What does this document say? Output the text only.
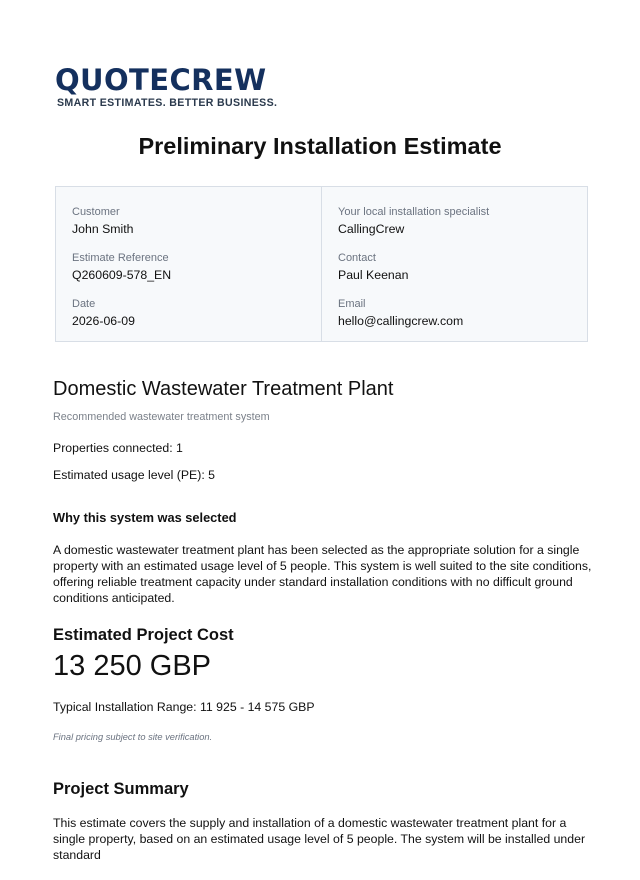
QUOTECREW
SMART ESTIMATES. BETTER BUSINESS.
Preliminary Installation Estimate
Customer
John Smith
Estimate Reference
Q260609-578_EN
Date
2026-06-09
Your local installation specialist
CallingCrew
Contact
Paul Keenan
Email
hello@callingcrew.com
Domestic Wastewater Treatment Plant
Recommended wastewater treatment system
Properties connected: 1
Estimated usage level (PE): 5
Why this system was selected
A domestic wastewater treatment plant has been selected as the appropriate solution for a single property with an estimated usage level of 5 people. This system is well suited to the site conditions, offering reliable treatment capacity under standard installation conditions with no difficult ground conditions anticipated.
Estimated Project Cost
13 250 GBP
Typical Installation Range: 11 925 - 14 575 GBP
Final pricing subject to site verification.
Project Summary
This estimate covers the supply and installation of a domestic wastewater treatment plant for a single property, based on an estimated usage level of 5 people. The system will be installed under standard
